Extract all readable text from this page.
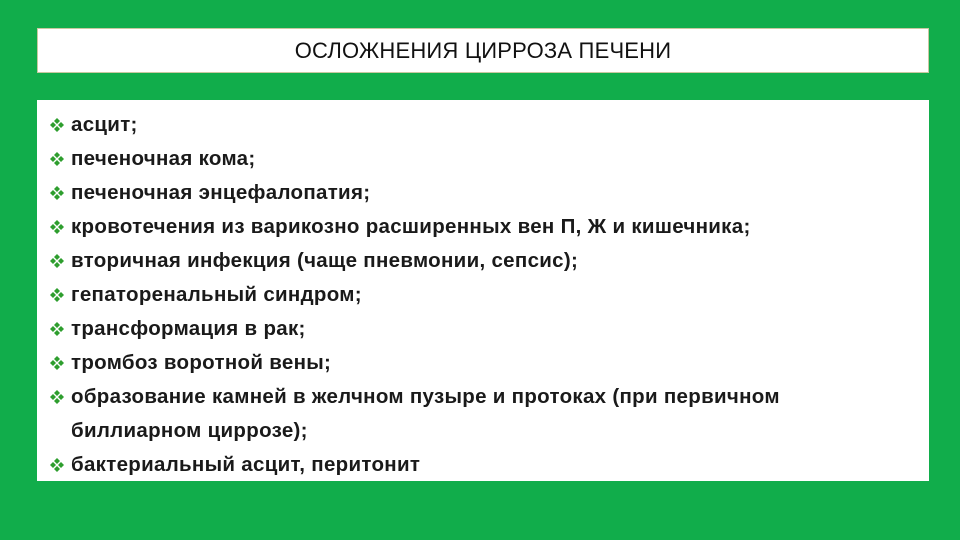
ОСЛОЖНЕНИЯ ЦИРРОЗА ПЕЧЕНИ
асцит;
печеночная кома;
печеночная энцефалопатия;
кровотечения из варикозно расширенных вен П, Ж и кишечника;
вторичная инфекция (чаще пневмонии, сепсис);
гепаторенальный синдром;
трансформация в рак;
тромбоз воротной вены;
образование камней в желчном пузыре и протоках (при первичном
биллиарном циррозе);
бактериальный асцит, перитонит
